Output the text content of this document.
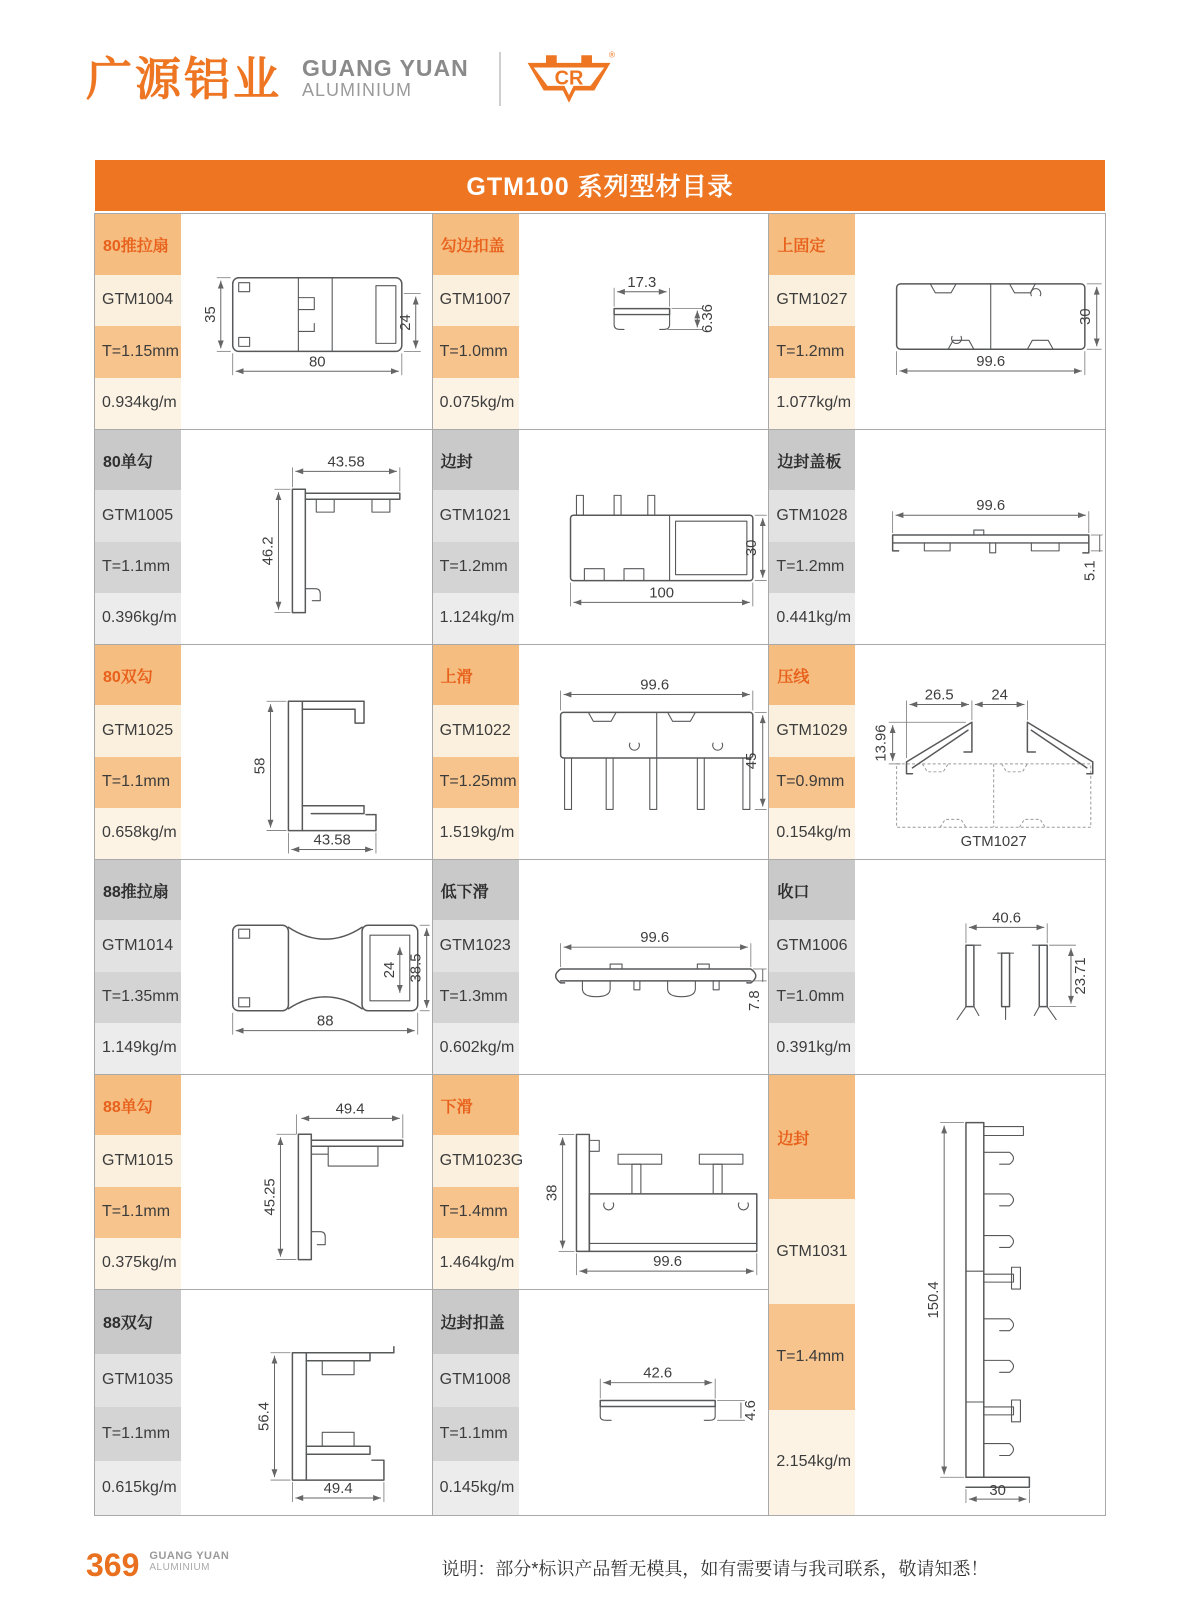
广源铝业 GUANG YUAN
ALUMINIUM
CR
®
GTM100 系列型材目录
80推拉扇
GTM1004
T=1.15mm
0.934kg/m
35	24
80
勾边扣盖
GTM1007
T=1.0mm
0.075kg/m
17.3
6.36
上固定
GTM1027
T=1.2mm
1.077kg/m
99.6
30
80单勾
GTM1005
T=1.1mm
0.396kg/m
43.58
46.2
边封
GTM1021
T=1.2mm
1.124kg/m
100
30
边封盖板
GTM1028
T=1.2mm
0.441kg/m
99.6
5.1
80双勾
GTM1025
T=1.1mm
0.658kg/m
58
43.58
上滑
GTM1022
T=1.25mm
1.519kg/m
99.6
45
压线
GTM1029
T=0.9mm
0.154kg/m
26.5	24
13.96
GTM1027
88推拉扇
GTM1014
T=1.35mm
1.149kg/m
88
24 38.5
低下滑
GTM1023
T=1.3mm
0.602kg/m
99.6
7.8
收口
GTM1006
T=1.0mm
0.391kg/m
40.6
23.71
88单勾
GTM1015
T=1.1mm
0.375kg/m
49.4
45.25
下滑
GTM1023G
T=1.4mm
1.464kg/m
38
99.6
边封
GTM1031
T=1.4mm
2.154kg/m
150.4
30
88双勾
GTM1035
T=1.1mm
0.615kg/m
56.4
49.4
边封扣盖
GTM1008
T=1.1mm
0.145kg/m
42.6
4.6
369 GUANG YUAN
ALUMINIUM	说明：部分*标识产品暂无模具，如有需要请与我司联系，敬请知悉！
